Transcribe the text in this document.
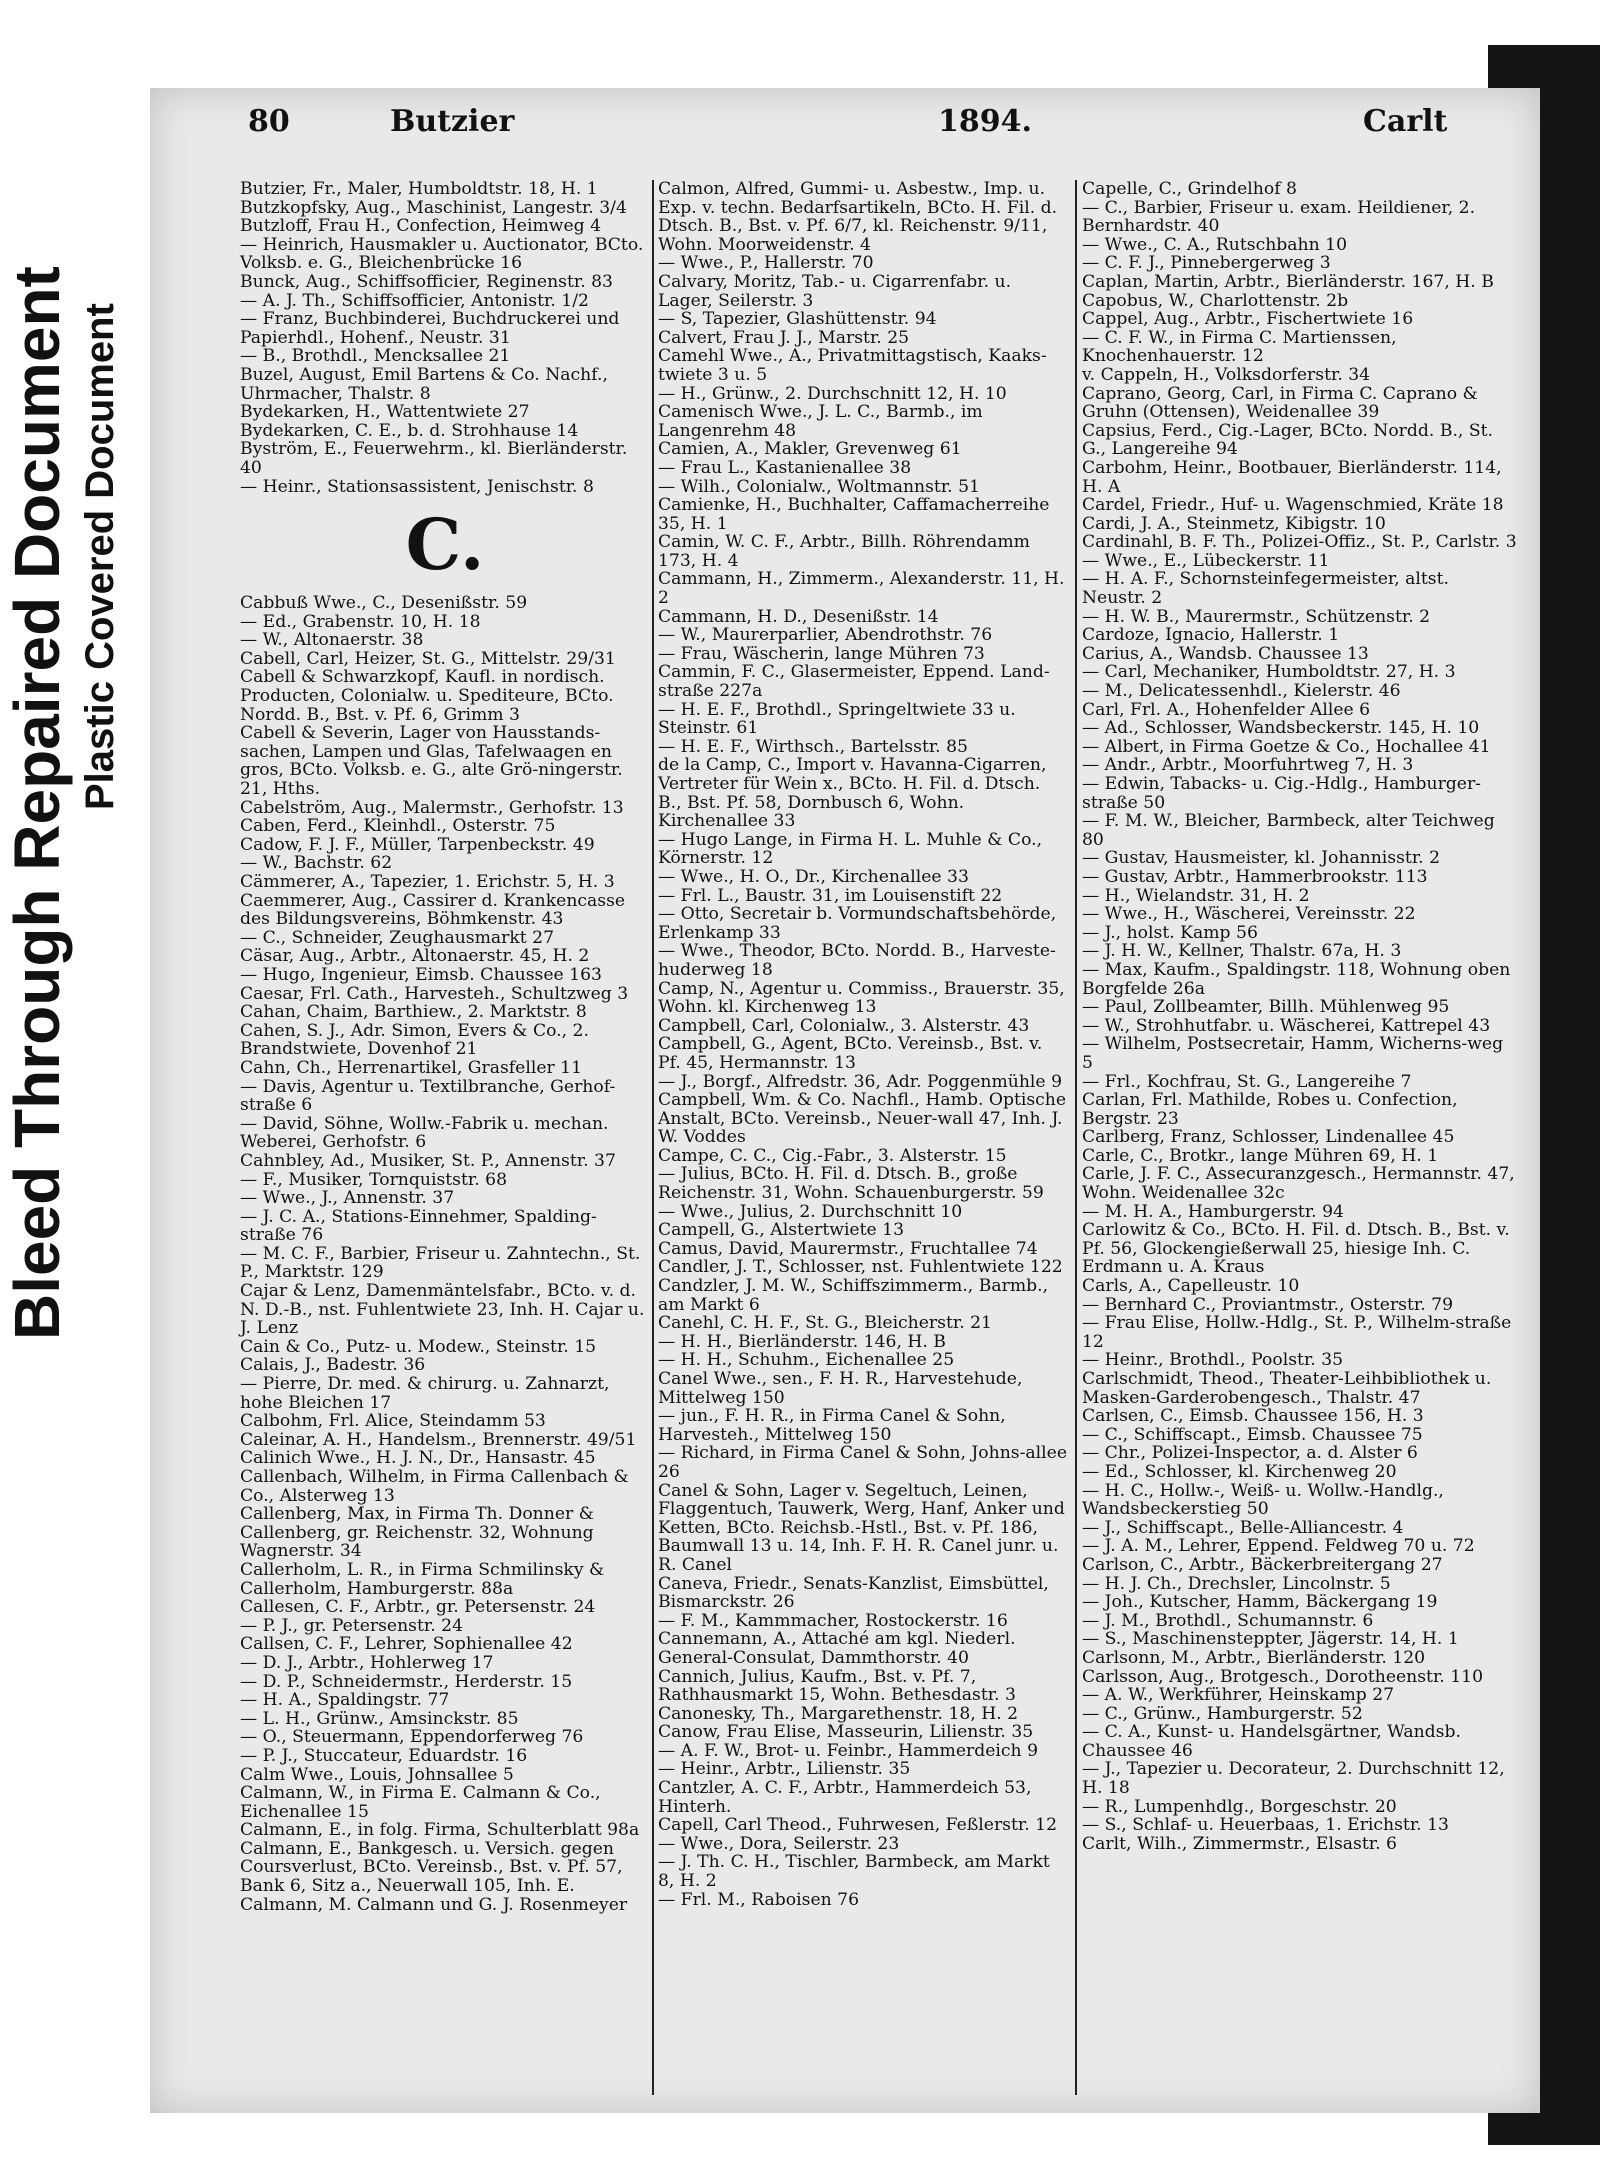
Bleed Through Repaired Document Plastic Covered Document
80	Butzier	1894.	Carlt

Butzier, Fr., Maler, Humboldtstr. 18, H. 1

Butzkopfsky, Aug., Maschinist, Langestr. 3/4

Butzloff, Frau H., Confection, Heimweg 4

— Heinrich, Hausmakler u. Auctionator, BCto. Volksb. e. G., Bleichenbrücke 16

Bunck, Aug., Schiffsofficier, Reginenstr. 83

— A. J. Th., Schiffsofficier, Antonistr. 1/2

— Franz, Buchbinderei, Buchdruckerei und Papierhdl., Hohenf., Neustr. 31

— B., Brothdl., Mencksallee 21

Buzel, August, Emil Bartens & Co. Nachf., Uhrmacher, Thalstr. 8

Bydekarken, H., Wattentwiete 27

Bydekarken, C. E., b. d. Strohhause 14

Byström, E., Feuerwehrm., kl. Bierländerstr. 40

— Heinr., Stationsassistent, Jenischstr. 8

C.

Cabbuß Wwe., C., Desenißstr. 59

— Ed., Grabenstr. 10, H. 18

— W., Altonaerstr. 38

Cabell, Carl, Heizer, St. G., Mittelstr. 29/31

Cabell & Schwarzkopf, Kaufl. in nordisch. Producten, Colonialw. u. Spediteure, BCto. Nordd. B., Bst. v. Pf. 6, Grimm 3

Cabell & Severin, Lager von Hausstands-sachen, Lampen und Glas, Tafelwaagen en gros, BCto. Volksb. e. G., alte Grö-ningerstr. 21, Hths.

Cabelström, Aug., Malermstr., Gerhofstr. 13

Caben, Ferd., Kleinhdl., Osterstr. 75

Cadow, F. J. F., Müller, Tarpenbeckstr. 49

— W., Bachstr. 62

Cämmerer, A., Tapezier, 1. Erichstr. 5, H. 3

Caemmerer, Aug., Cassirer d. Krankencasse des Bildungsvereins, Böhmkenstr. 43

— C., Schneider, Zeughausmarkt 27

Cäsar, Aug., Arbtr., Altonaerstr. 45, H. 2

— Hugo, Ingenieur, Eimsb. Chaussee 163

Caesar, Frl. Cath., Harvesteh., Schultzweg 3

Cahan, Chaim, Barthiew., 2. Marktstr. 8

Cahen, S. J., Adr. Simon, Evers & Co., 2. Brandstwiete, Dovenhof 21

Cahn, Ch., Herrenartikel, Grasfeller 11

— Davis, Agentur u. Textilbranche, Gerhof-straße 6

— David, Söhne, Wollw.-Fabrik u. mechan. Weberei, Gerhofstr. 6

Cahnbley, Ad., Musiker, St. P., Annenstr. 37

— F., Musiker, Tornquiststr. 68

— Wwe., J., Annenstr. 37

— J. C. A., Stations-Einnehmer, Spalding-straße 76

— M. C. F., Barbier, Friseur u. Zahntechn., St. P., Marktstr. 129

Cajar & Lenz, Damenmäntelsfabr., BCto. v. d. N. D.-B., nst. Fuhlentwiete 23, Inh. H. Cajar u. J. Lenz

Cain & Co., Putz- u. Modew., Steinstr. 15

Calais, J., Badestr. 36

— Pierre, Dr. med. & chirurg. u. Zahnarzt, hohe Bleichen 17

Calbohm, Frl. Alice, Steindamm 53

Caleinar, A. H., Handelsm., Brennerstr. 49/51

Calinich Wwe., H. J. N., Dr., Hansastr. 45

Callenbach, Wilhelm, in Firma Callenbach & Co., Alsterweg 13

Callenberg, Max, in Firma Th. Donner & Callenberg, gr. Reichenstr. 32, Wohnung Wagnerstr. 34

Callerholm, L. R., in Firma Schmilinsky & Callerholm, Hamburgerstr. 88a

Callesen, C. F., Arbtr., gr. Petersenstr. 24

— P. J., gr. Petersenstr. 24

Callsen, C. F., Lehrer, Sophienallee 42

— D. J., Arbtr., Hohlerweg 17

— D. P., Schneidermstr., Herderstr. 15

— H. A., Spaldingstr. 77

— L. H., Grünw., Amsinckstr. 85

— O., Steuermann, Eppendorferweg 76

— P. J., Stuccateur, Eduardstr. 16

Calm Wwe., Louis, Johnsallee 5

Calmann, W., in Firma E. Calmann & Co., Eichenallee 15

Calmann, E., in folg. Firma, Schulterblatt 98a

Calmann, E., Bankgesch. u. Versich. gegen Coursverlust, BCto. Vereinsb., Bst. v. Pf. 57, Bank 6, Sitz a., Neuerwall 105, Inh. E. Calmann, M. Calmann und G. J. Rosenmeyer

Calmon, Alfred, Gummi- u. Asbestw., Imp. u. Exp. v. techn. Bedarfsartikeln, BCto. H. Fil. d. Dtsch. B., Bst. v. Pf. 6/7, kl. Reichenstr. 9/11, Wohn. Moorweidenstr. 4

— Wwe., P., Hallerstr. 70

Calvary, Moritz, Tab.- u. Cigarrenfabr. u. Lager, Seilerstr. 3

— S, Tapezier, Glashüttenstr. 94

Calvert, Frau J. J., Marstr. 25

Camehl Wwe., A., Privatmittagstisch, Kaaks-twiete 3 u. 5

— H., Grünw., 2. Durchschnitt 12, H. 10

Camenisch Wwe., J. L. C., Barmb., im Langenrehm 48

Camien, A., Makler, Grevenweg 61

— Frau L., Kastanienallee 38

— Wilh., Colonialw., Woltmannstr. 51

Camienke, H., Buchhalter, Caffamacherreihe 35, H. 1

Camin, W. C. F., Arbtr., Billh. Röhrendamm 173, H. 4

Cammann, H., Zimmerm., Alexanderstr. 11, H. 2

Cammann, H. D., Desenißstr. 14

— W., Maurerparlier, Abendrothstr. 76

— Frau, Wäscherin, lange Mühren 73

Cammin, F. C., Glasermeister, Eppend. Land-straße 227a

— H. E. F., Brothdl., Springeltwiete 33 u. Steinstr. 61

— H. E. F., Wirthsch., Bartelsstr. 85

de la Camp, C., Import v. Havanna-Cigarren, Vertreter für Wein x., BCto. H. Fil. d. Dtsch. B., Bst. Pf. 58, Dornbusch 6, Wohn. Kirchenallee 33

— Hugo Lange, in Firma H. L. Muhle & Co., Körnerstr. 12

— Wwe., H. O., Dr., Kirchenallee 33

— Frl. L., Baustr. 31, im Louisenstift 22

— Otto, Secretair b. Vormundschaftsbehörde, Erlenkamp 33

— Wwe., Theodor, BCto. Nordd. B., Harveste-huderweg 18

Camp, N., Agentur u. Commiss., Brauerstr. 35, Wohn. kl. Kirchenweg 13

Campbell, Carl, Colonialw., 3. Alsterstr. 43

Campbell, G., Agent, BCto. Vereinsb., Bst. v. Pf. 45, Hermannstr. 13

— J., Borgf., Alfredstr. 36, Adr. Poggenmühle 9

Campbell, Wm. & Co. Nachfl., Hamb. Optische Anstalt, BCto. Vereinsb., Neuer-wall 47, Inh. J. W. Voddes

Campe, C. C., Cig.-Fabr., 3. Alsterstr. 15

— Julius, BCto. H. Fil. d. Dtsch. B., große Reichenstr. 31, Wohn. Schauenburgerstr. 59

— Wwe., Julius, 2. Durchschnitt 10

Campell, G., Alstertwiete 13

Camus, David, Maurermstr., Fruchtallee 74

Candler, J. T., Schlosser, nst. Fuhlentwiete 122

Candzler, J. M. W., Schiffszimmerm., Barmb., am Markt 6

Canehl, C. H. F., St. G., Bleicherstr. 21

— H. H., Bierländerstr. 146, H. B

— H. H., Schuhm., Eichenallee 25

Canel Wwe., sen., F. H. R., Harvestehude, Mittelweg 150

— jun., F. H. R., in Firma Canel & Sohn, Harvesteh., Mittelweg 150

— Richard, in Firma Canel & Sohn, Johns-allee 26

Canel & Sohn, Lager v. Segeltuch, Leinen, Flaggentuch, Tauwerk, Werg, Hanf, Anker und Ketten, BCto. Reichsb.-Hstl., Bst. v. Pf. 186, Baumwall 13 u. 14, Inh. F. H. R. Canel junr. u. R. Canel

Caneva, Friedr., Senats-Kanzlist, Eimsbüttel, Bismarckstr. 26

— F. M., Kammmacher, Rostockerstr. 16

Cannemann, A., Attaché am kgl. Niederl. General-Consulat, Dammthorstr. 40

Cannich, Julius, Kaufm., Bst. v. Pf. 7, Rathhausmarkt 15, Wohn. Bethesdastr. 3

Canonesky, Th., Margarethenstr. 18, H. 2

Canow, Frau Elise, Masseurin, Lilienstr. 35

— A. F. W., Brot- u. Feinbr., Hammerdeich 9

— Heinr., Arbtr., Lilienstr. 35

Cantzler, A. C. F., Arbtr., Hammerdeich 53, Hinterh.

Capell, Carl Theod., Fuhrwesen, Feßlerstr. 12

— Wwe., Dora, Seilerstr. 23

— J. Th. C. H., Tischler, Barmbeck, am Markt 8, H. 2

— Frl. M., Raboisen 76

Capelle, C., Grindelhof 8

— C., Barbier, Friseur u. exam. Heildiener, 2. Bernhardstr. 40

— Wwe., C. A., Rutschbahn 10

— C. F. J., Pinnebergerweg 3

Caplan, Martin, Arbtr., Bierländerstr. 167, H. B

Capobus, W., Charlottenstr. 2b

Cappel, Aug., Arbtr., Fischertwiete 16

— C. F. W., in Firma C. Martienssen, Knochenhauerstr. 12

v. Cappeln, H., Volksdorferstr. 34

Caprano, Georg, Carl, in Firma C. Caprano & Gruhn (Ottensen), Weidenallee 39

Capsius, Ferd., Cig.-Lager, BCto. Nordd. B., St. G., Langereihe 94

Carbohm, Heinr., Bootbauer, Bierländerstr. 114, H. A

Cardel, Friedr., Huf- u. Wagenschmied, Kräte 18

Cardi, J. A., Steinmetz, Kibigstr. 10

Cardinahl, B. F. Th., Polizei-Offiz., St. P., Carlstr. 3

— Wwe., E., Lübeckerstr. 11

— H. A. F., Schornsteinfegermeister, altst. Neustr. 2

— H. W. B., Maurermstr., Schützenstr. 2

Cardoze, Ignacio, Hallerstr. 1

Carius, A., Wandsb. Chaussee 13

— Carl, Mechaniker, Humboldtstr. 27, H. 3

— M., Delicatessenhdl., Kielerstr. 46

Carl, Frl. A., Hohenfelder Allee 6

— Ad., Schlosser, Wandsbeckerstr. 145, H. 10

— Albert, in Firma Goetze & Co., Hochallee 41

— Andr., Arbtr., Moorfuhrtweg 7, H. 3

— Edwin, Tabacks- u. Cig.-Hdlg., Hamburger-straße 50

— F. M. W., Bleicher, Barmbeck, alter Teichweg 80

— Gustav, Hausmeister, kl. Johannisstr. 2

— Gustav, Arbtr., Hammerbrookstr. 113

— H., Wielandstr. 31, H. 2

— Wwe., H., Wäscherei, Vereinsstr. 22

— J., holst. Kamp 56

— J. H. W., Kellner, Thalstr. 67a, H. 3

— Max, Kaufm., Spaldingstr. 118, Wohnung oben Borgfelde 26a

— Paul, Zollbeamter, Billh. Mühlenweg 95

— W., Strohhutfabr. u. Wäscherei, Kattrepel 43

— Wilhelm, Postsecretair, Hamm, Wicherns-weg 5

— Frl., Kochfrau, St. G., Langereihe 7

Carlan, Frl. Mathilde, Robes u. Confection, Bergstr. 23

Carlberg, Franz, Schlosser, Lindenallee 45

Carle, C., Brotkr., lange Mühren 69, H. 1

Carle, J. F. C., Assecuranzgesch., Hermannstr. 47, Wohn. Weidenallee 32c

— M. H. A., Hamburgerstr. 94

Carlowitz & Co., BCto. H. Fil. d. Dtsch. B., Bst. v. Pf. 56, Glockengießerwall 25, hiesige Inh. C. Erdmann u. A. Kraus

Carls, A., Capelleustr. 10

— Bernhard C., Proviantmstr., Osterstr. 79

— Frau Elise, Hollw.-Hdlg., St. P., Wilhelm-straße 12

— Heinr., Brothdl., Poolstr. 35

Carlschmidt, Theod., Theater-Leihbibliothek u. Masken-Garderobengesch., Thalstr. 47

Carlsen, C., Eimsb. Chaussee 156, H. 3

— C., Schiffscapt., Eimsb. Chaussee 75

— Chr., Polizei-Inspector, a. d. Alster 6

— Ed., Schlosser, kl. Kirchenweg 20

— H. C., Hollw.-, Weiß- u. Wollw.-Handlg., Wandsbeckerstieg 50

— J., Schiffscapt., Belle-Alliancestr. 4

— J. A. M., Lehrer, Eppend. Feldweg 70 u. 72

Carlson, C., Arbtr., Bäckerbreitergang 27

— H. J. Ch., Drechsler, Lincolnstr. 5

— Joh., Kutscher, Hamm, Bäckergang 19

— J. M., Brothdl., Schumannstr. 6

— S., Maschinensteppter, Jägerstr. 14, H. 1

Carlsonn, M., Arbtr., Bierländerstr. 120

Carlsson, Aug., Brotgesch., Dorotheenstr. 110

— A. W., Werkführer, Heinskamp 27

— C., Grünw., Hamburgerstr. 52

— C. A., Kunst- u. Handelsgärtner, Wandsb. Chaussee 46

— J., Tapezier u. Decorateur, 2. Durchschnitt 12, H. 18

— R., Lumpenhdlg., Borgeschstr. 20

— S., Schlaf- u. Heuerbaas, 1. Erichstr. 13

Carlt, Wilh., Zimmermstr., Elsastr. 6
